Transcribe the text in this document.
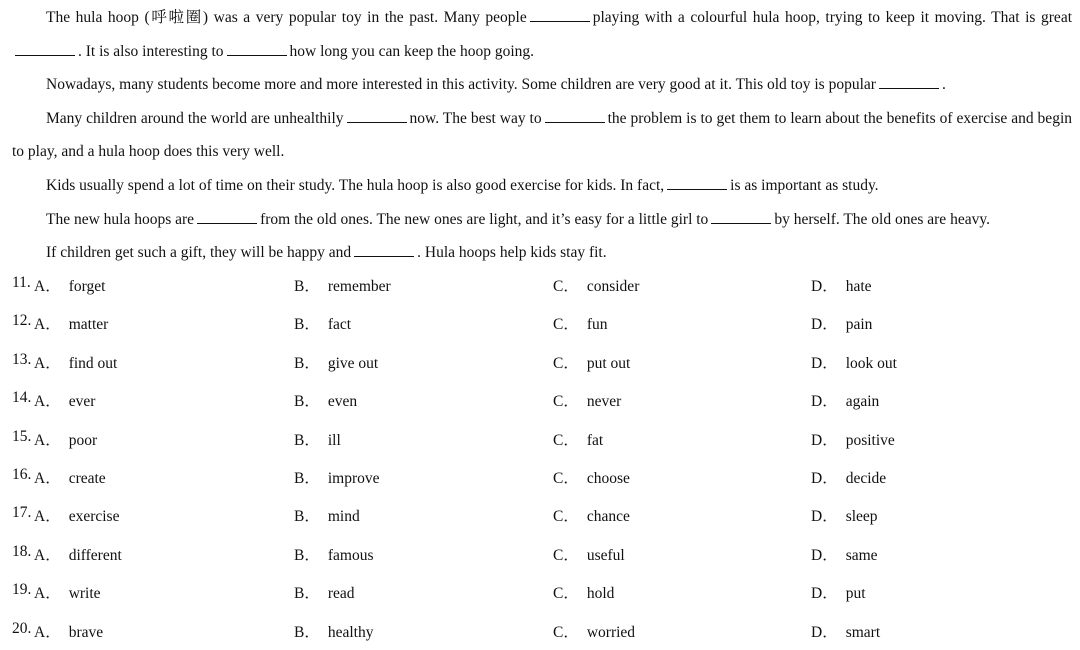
The hula hoop (呼啦圈) was a very popular toy in the past. Many people	playing with a colourful hula hoop, trying to keep it moving. That is great. It is also interesting to	how long you can keep the hoop going.

Nowadays, many students become more and more interested in this activity. Some children are very good at it. This old toy is popular	.

Many children around the world are unhealthily	now. The best way to	the problem is to get them to learn about the benefits of exercise and begin to play, and a hula hoop does this very well.

Kids usually spend a lot of time on their study. The hula hoop is also good exercise for kids. In fact,	is as important as study.

The new hula hoops are	from the old ones. The new ones are light, and it’s easy for a little girl to	by herself. The old ones are heavy.

If children get such a gift, they will be happy and	. Hula hoops help kids stay fit.

11. A． forget	B． remember	C． consider	D． hate
12. A． matter	B． fact	C． fun	D． pain
13. A． find out	B． give out	C． put out	D． look out
14. A． ever	B． even	C． never	D． again
15. A． poor	B． ill	C． fat	D． positive
16. A． create	B． improve	C． choose	D． decide
17. A． exercise	B． mind	C． chance	D． sleep
18. A． different	B． famous	C． useful	D． same
19. A． write	B． read	C． hold	D． put
20. A． brave	B． healthy	C． worried	D． smart
